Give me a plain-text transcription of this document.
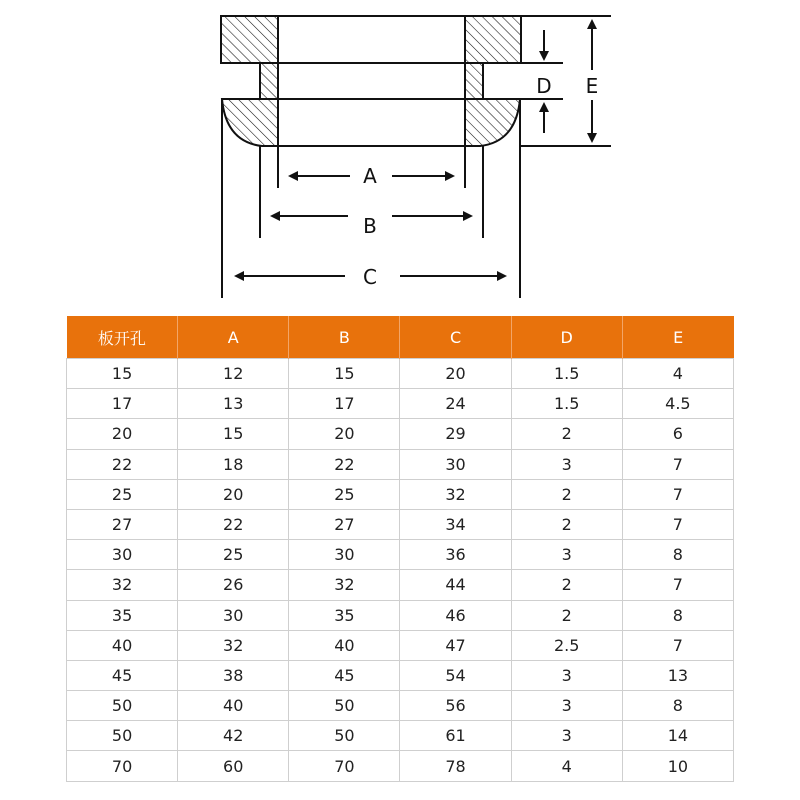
A
B
C
D E
板开孔	A	B	C	D	E
15	12	15	20	1.5	4
17	13	17	24	1.5	4.5
20	15	20	29	2	6
22	18	22	30	3	7
25	20	25	32	2	7
27	22	27	34	2	7
30	25	30	36	3	8
32	26	32	44	2	7
35	30	35	46	2	8
40	32	40	47	2.5	7
45	38	45	54	3	13
50	40	50	56	3	8
50	42	50	61	3	14
70	60	70	78	4	10
